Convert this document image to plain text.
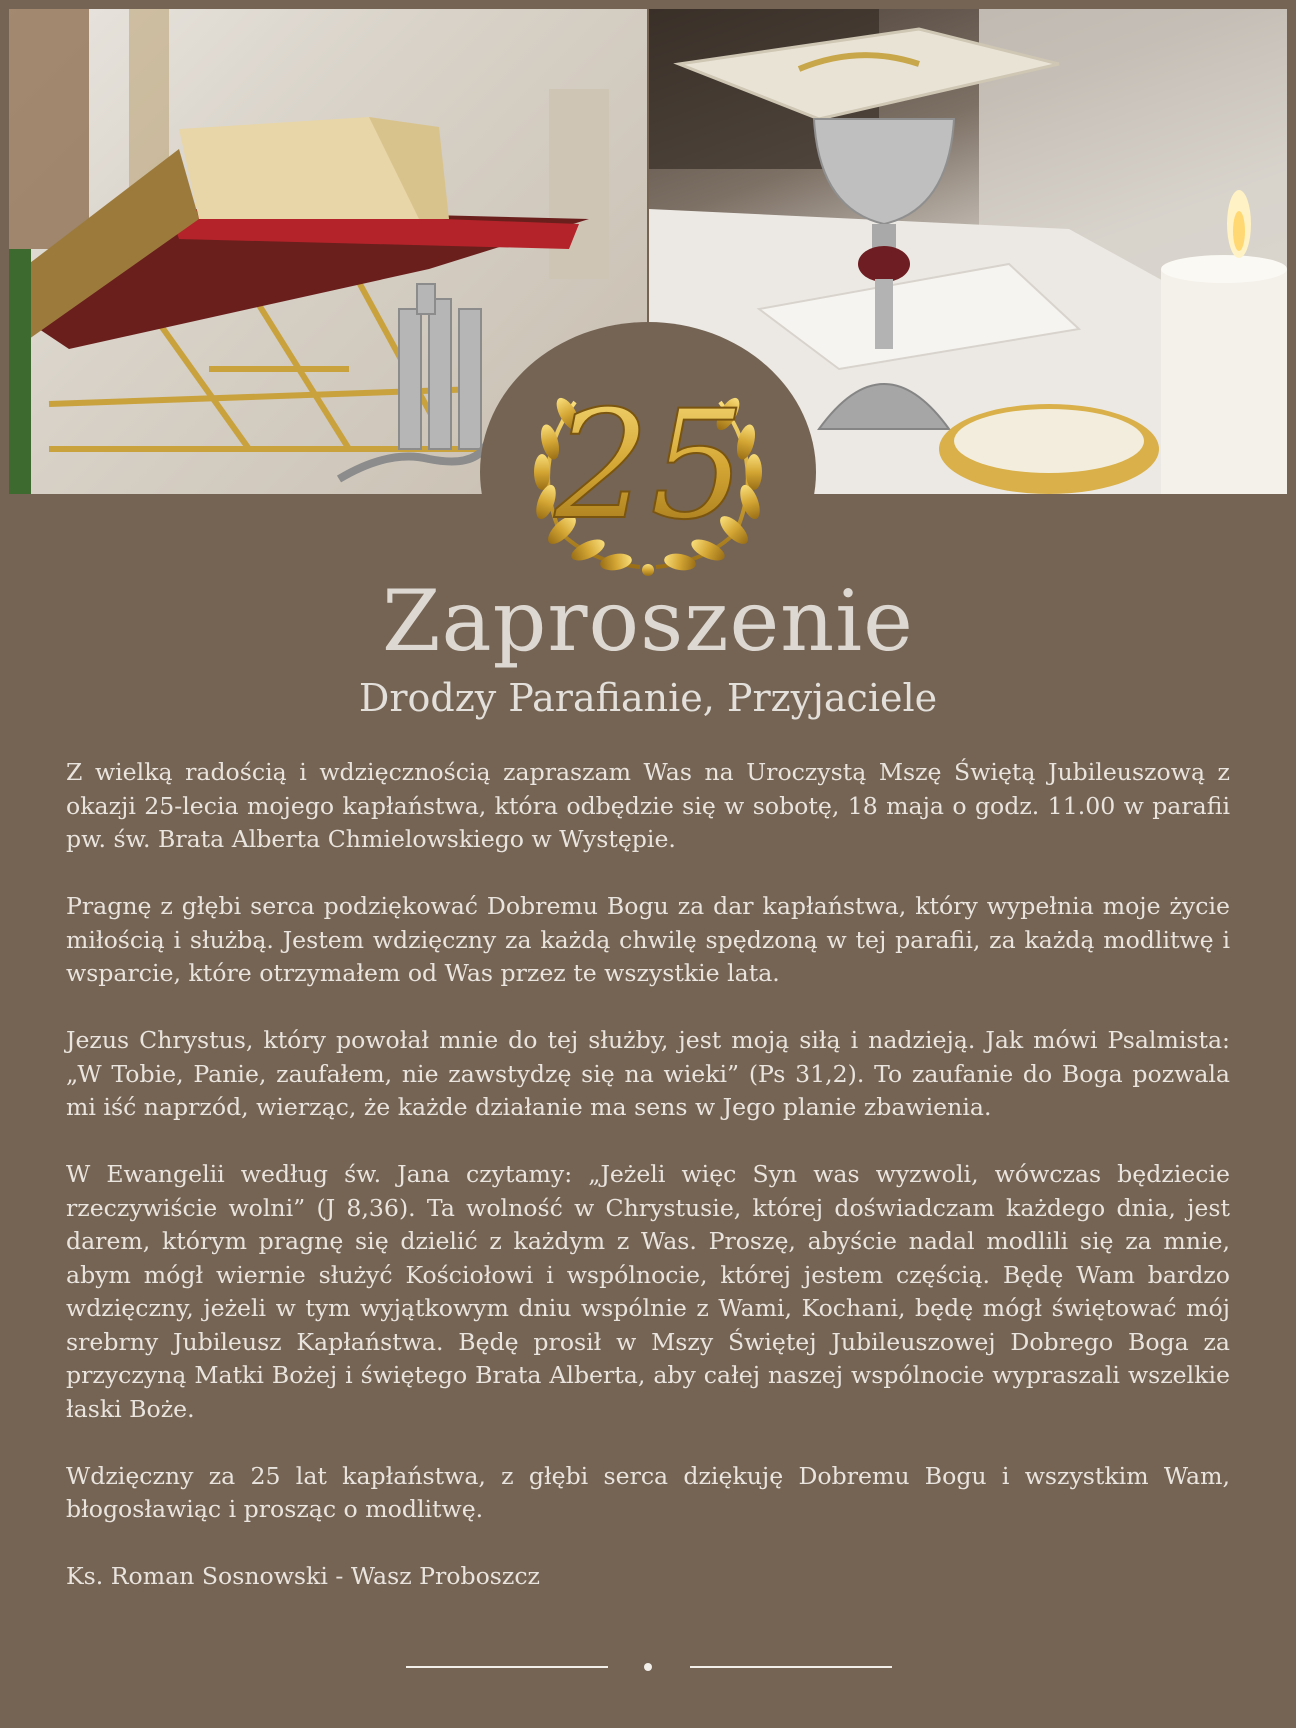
25
Zaproszenie
Drodzy Parafianie, Przyjaciele

Z wielką radością i wdzięcznością zapraszam Was na Uroczystą Mszę Świętą Jubileuszową z okazji 25-lecia mojego kapłaństwa, która odbędzie się w sobotę, 18 maja o godz. 11.00 w parafii pw. św. Brata Alberta Chmielowskiego w Występie.

Pragnę z głębi serca podziękować Dobremu Bogu za dar kapłaństwa, który wypełnia moje życie miłością i służbą. Jestem wdzięczny za każdą chwilę spędzoną w tej parafii, za każdą modlitwę i wsparcie, które otrzymałem od Was przez te wszystkie lata.

Jezus Chrystus, który powołał mnie do tej służby, jest moją siłą i nadzieją. Jak mówi Psalmista: „W Tobie, Panie, zaufałem, nie zawstydzę się na wieki” (Ps 31,2). To zaufanie do Boga pozwala mi iść naprzód, wierząc, że każde działanie ma sens w Jego planie zbawienia.

W Ewangelii według św. Jana czytamy: „Jeżeli więc Syn was wyzwoli, wówczas będziecie rzeczywiście wolni” (J 8,36). Ta wolność w Chrystusie, której doświadczam każdego dnia, jest darem, którym pragnę się dzielić z każdym z Was. Proszę, abyście nadal modlili się za mnie, abym mógł wiernie służyć Kościołowi i wspólnocie, której jestem częścią. Będę Wam bardzo wdzięczny, jeżeli w tym wyjątkowym dniu wspólnie z Wami, Kochani, będę mógł świętować mój srebrny Jubileusz Kapłaństwa. Będę prosił w Mszy Świętej Jubileuszowej Dobrego Boga za przyczyną Matki Bożej i świętego Brata Alberta, aby całej naszej wspólnocie wypraszali wszelkie łaski Boże.

Wdzięczny za 25 lat kapłaństwa, z głębi serca dziękuję Dobremu Bogu i wszystkim Wam, błogosławiąc i prosząc o modlitwę.

Ks. Roman Sosnowski - Wasz Proboszcz
